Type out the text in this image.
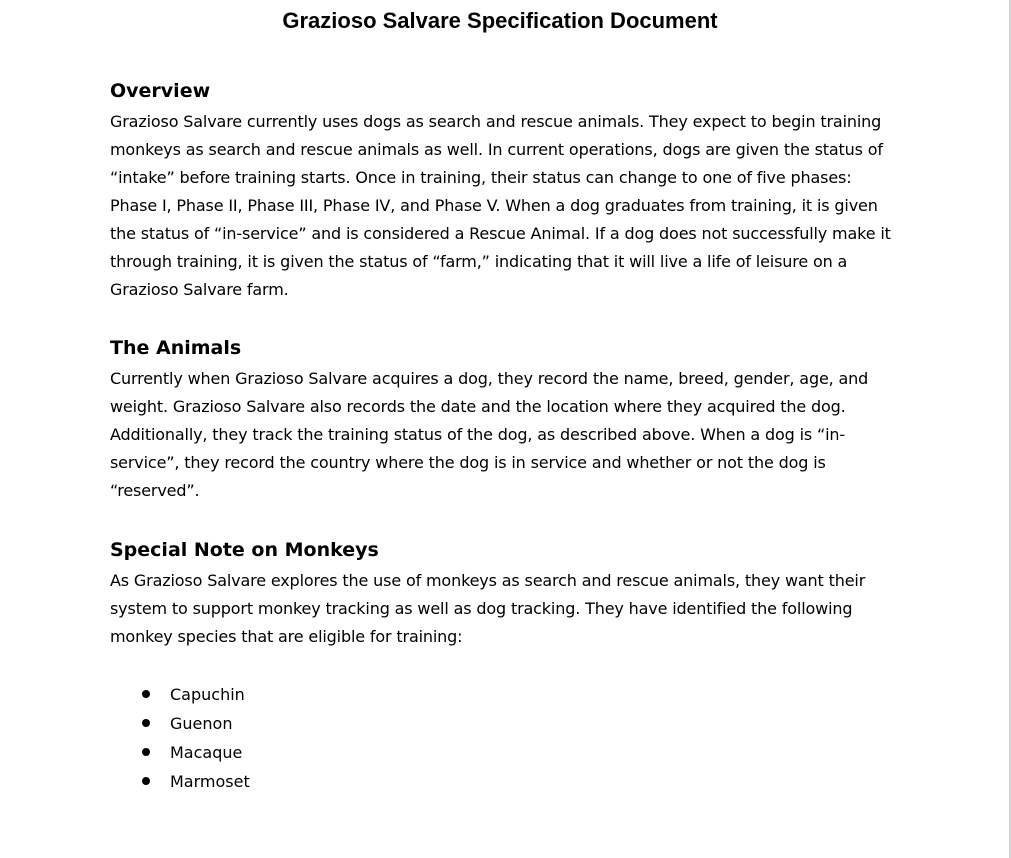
Grazioso Salvare Specification Document
Overview

Grazioso Salvare currently uses dogs as search and rescue animals. They expect to begin training monkeys as search and rescue animals as well. In current operations, dogs are given the status of “intake” before training starts. Once in training, their status can change to one of five phases: Phase I, Phase II, Phase III, Phase IV, and Phase V. When a dog graduates from training, it is given the status of “in-service” and is considered a Rescue Animal. If a dog does not successfully make it through training, it is given the status of “farm,” indicating that it will live a life of leisure on a Grazioso Salvare farm.

The Animals

Currently when Grazioso Salvare acquires a dog, they record the name, breed, gender, age, and weight. Grazioso Salvare also records the date and the location where they acquired the dog. Additionally, they track the training status of the dog, as described above. When a dog is “in-service”, they record the country where the dog is in service and whether or not the dog is “reserved”.

Special Note on Monkeys

As Grazioso Salvare explores the use of monkeys as search and rescue animals, they want their system to support monkey tracking as well as dog tracking. They have identified the following monkey species that are eligible for training:

Capuchin
Guenon
Macaque
Marmoset
